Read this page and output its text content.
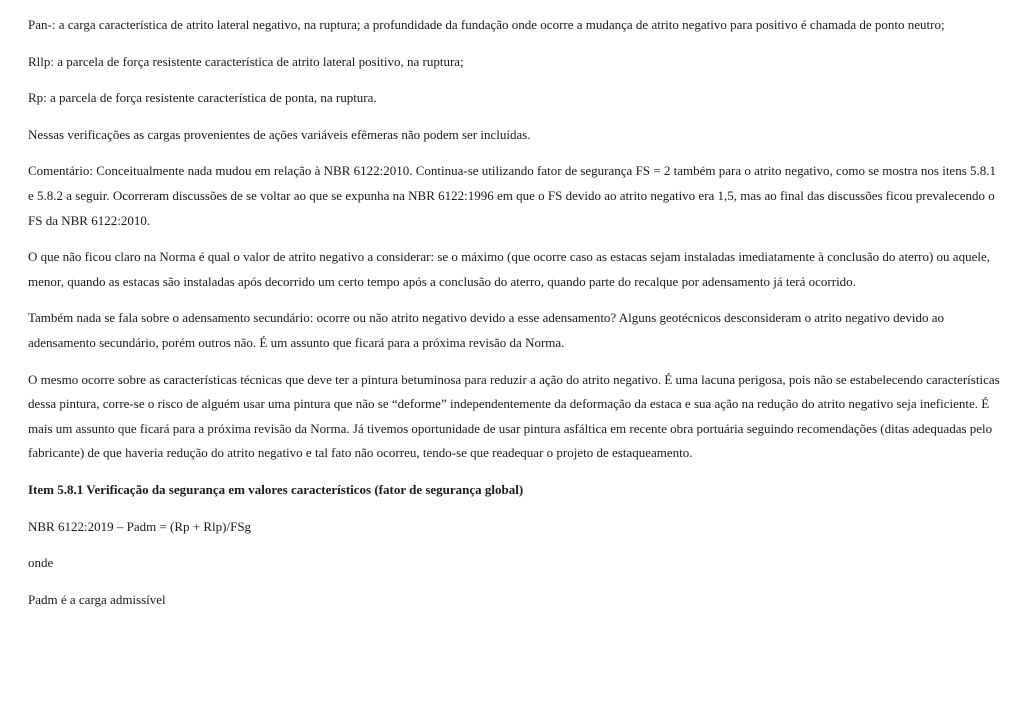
Pan-: a carga característica de atrito lateral negativo, na ruptura; a profundidade da fundação onde ocorre a mudança de atrito negativo para positivo é chamada de ponto neutro;

Rllp: a parcela de força resistente característica de atrito lateral positivo, na ruptura;

Rp: a parcela de força resistente característica de ponta, na ruptura.

Nessas verificações as cargas provenientes de ações variáveis efêmeras não podem ser incluídas.

Comentário: Conceitualmente nada mudou em relação à NBR 6122:2010. Continua-se utilizando fator de segurança FS = 2 também para o atrito negativo, como se mostra nos itens 5.8.1 e 5.8.2 a seguir. Ocorreram discussões de se voltar ao que se expunha na NBR 6122:1996 em que o FS devido ao atrito negativo era 1,5, mas ao final das discussões ficou prevalecendo o FS da NBR 6122:2010.

O que não ficou claro na Norma é qual o valor de atrito negativo a considerar: se o máximo (que ocorre caso as estacas sejam instaladas imediatamente à conclusão do aterro) ou aquele, menor, quando as estacas são instaladas após decorrido um certo tempo após a conclusão do aterro, quando parte do recalque por adensamento já terá ocorrido.

Também nada se fala sobre o adensamento secundário: ocorre ou não atrito negativo devido a esse adensamento? Alguns geotécnicos desconsideram o atrito negativo devido ao adensamento secundário, porém outros não. É um assunto que ficará para a próxima revisão da Norma.

O mesmo ocorre sobre as características técnicas que deve ter a pintura betuminosa para reduzir a ação do atrito negativo. É uma lacuna perigosa, pois não se estabelecendo características dessa pintura, corre-se o risco de alguém usar uma pintura que não se “deforme” independentemente da deformação da estaca e sua ação na redução do atrito negativo seja ineficiente. É mais um assunto que ficará para a próxima revisão da Norma. Já tivemos oportunidade de usar pintura asfáltica em recente obra portuária seguindo recomendações (ditas adequadas pelo fabricante) de que haveria redução do atrito negativo e tal fato não ocorreu, tendo-se que readequar o projeto de estaqueamento.

Item 5.8.1 Verificação da segurança em valores característicos (fator de segurança global)

NBR 6122:2019 – Padm = (Rp + Rlp)/FSg

onde

Padm é a carga admissível
